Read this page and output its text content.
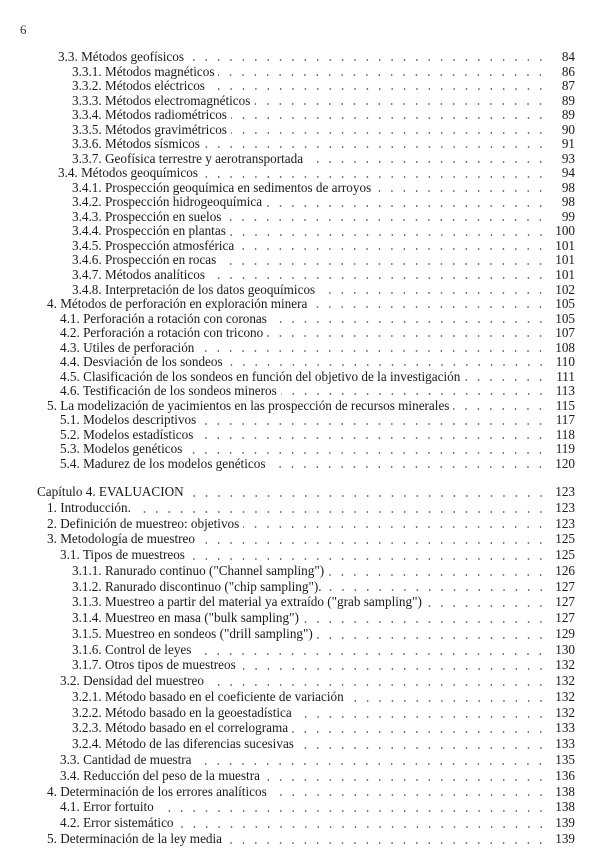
6
3.3. Métodos geofísicos	84
3.3.1. Métodos magnéticos	86
3.3.2. Métodos eléctricos	87
3.3.3. Métodos electromagnéticos	89
3.3.4. Métodos radiométricos	89
3.3.5. Métodos gravimétricos	90
3.3.6. Métodos sísmicos	91
3.3.7. Geofísica terrestre y aerotransportada	93
3.4. Métodos geoquímicos	94
3.4.1. Prospección geoquímica en sedimentos de arroyos	98
3.4.2. Prospección hidrogeoquímica	98
3.4.3. Prospección en suelos	99
3.4.4. Prospección en plantas	100
3.4.5. Prospección atmosférica	101
3.4.6. Prospección en rocas	101
3.4.7. Métodos analíticos	101
3.4.8. Interpretación de los datos geoquímicos	102
4. Métodos de perforación en exploración minera	105
4.1. Perforación a rotación con coronas	105
4.2. Perforación a rotación con tricono	107
4.3. Utiles de perforación	108
4.4. Desviación de los sondeos	110
4.5. Clasificación de los sondeos en función del objetivo de la investigación	111
4.6. Testificación de los sondeos mineros	113
5. La modelización de yacimientos en las prospección de recursos minerales	115
5.1. Modelos descriptivos	117
5.2. Modelos estadísticos	118
5.3. Modelos genéticos	119
5.4. Madurez de los modelos genéticos	120
Capítulo 4. EVALUACION	123
1. Introducción.	123
2. Definición de muestreo: objetivos	123
3. Metodología de muestreo	125
3.1. Tipos de muestreos	125
3.1.1. Ranurado continuo ("Channel sampling")	126
3.1.2. Ranurado discontinuo ("chip sampling").	127
3.1.3. Muestreo a partir del material ya extraído ("grab sampling")	127
3.1.4. Muestreo en masa ("bulk sampling")	127
3.1.5. Muestreo en sondeos ("drill sampling")	129
3.1.6. Control de leyes	130
3.1.7. Otros tipos de muestreos	132
3.2. Densidad del muestreo	132
3.2.1. Método basado en el coeficiente de variación	132
3.2.2. Método basado en la geoestadística	132
3.2.3. Método basado en el correlograma	133
3.2.4. Método de las diferencias sucesivas	133
3.3. Cantidad de muestra	135
3.4. Reducción del peso de la muestra	136
4. Determinación de los errores analíticos	138
4.1. Error fortuito	138
4.2. Error sistemático	139
5. Determinación de la ley media	139
